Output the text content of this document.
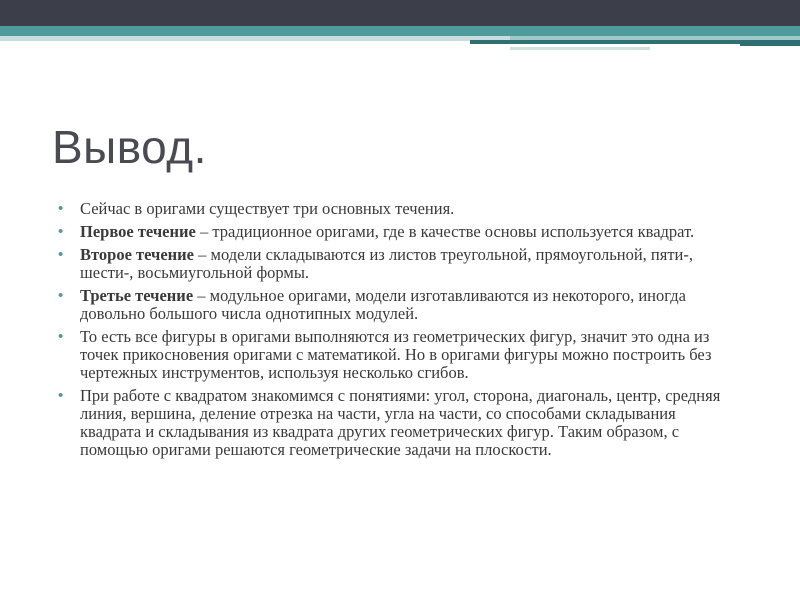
Вывод.
• Сейчас в оригами существует три основных течения.
• Первое течение – традиционное оригами, где в качестве основы используется квадрат.
• Второе течение – модели складываются из листов треугольной, прямоугольной, пяти-, шести-, восьмиугольной формы.
• Третье течение – модульное оригами, модели изготавливаются из некоторого, иногда довольно большого числа однотипных модулей.
• То есть все фигуры в оригами выполняются из геометрических фигур, значит это одна из точек прикосновения оригами с математикой. Но в оригами фигуры можно построить без чертежных инструментов, используя несколько сгибов.
• При работе с квадратом знакомимся с понятиями: угол, сторона, диагональ, центр, средняя линия, вершина, деление отрезка на части, угла на части, со способами складывания квадрата и складывания из квадрата других геометрических фигур. Таким образом, с помощью оригами решаются геометрические задачи на плоскости.
